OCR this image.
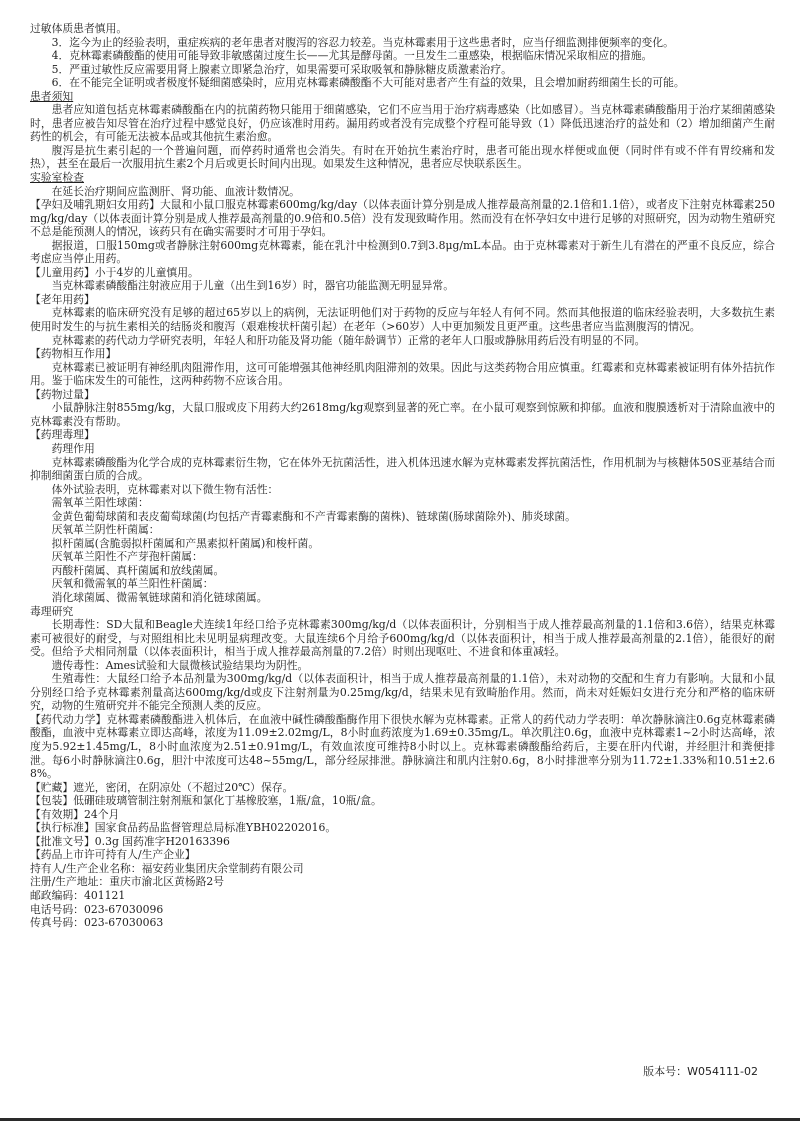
过敏体质患者慎用。

3．迄今为止的经验表明，重症疾病的老年患者对腹泻的容忍力较差。当克林霉素用于这些患者时，应当仔细监测排便频率的变化。

4．克林霉素磷酸酯的使用可能导致非敏感菌过度生长——尤其是酵母菌。一旦发生二重感染，根据临床情况采取相应的措施。

5．严重过敏性反应需要用肾上腺素立即紧急治疗，如果需要可采取吸氧和静脉糖皮质激素治疗。

6．在不能完全证明或者极度怀疑细菌感染时，应用克林霉素磷酸酯不大可能对患者产生有益的效果，且会增加耐药细菌生长的可能。

患者须知

患者应知道包括克林霉素磷酸酯在内的抗菌药物只能用于细菌感染，它们不应当用于治疗病毒感染（比如感冒）。当克林霉素磷酸酯用于治疗某细菌感染时，患者应被告知尽管在治疗过程中感觉良好，仍应该准时用药。漏用药或者没有完成整个疗程可能导致（1）降低迅速治疗的益处和（2）增加细菌产生耐药性的机会，有可能无法被本品或其他抗生素治愈。

腹泻是抗生素引起的一个普遍问题，而停药时通常也会消失。有时在开始抗生素治疗时，患者可能出现水样便或血便（同时伴有或不伴有胃绞痛和发热），甚至在最后一次服用抗生素2个月后或更长时间内出现。如果发生这种情况，患者应尽快联系医生。

实验室检查

在延长治疗期间应监测肝、肾功能、血液计数情况。

【孕妇及哺乳期妇女用药】大鼠和小鼠口服克林霉素600mg/kg/day（以体表面计算分别是成人推荐最高剂量的2.1倍和1.1倍），或者皮下注射克林霉素250mg/kg/day（以体表面计算分别是成人推荐最高剂量的0.9倍和0.5倍）没有发现致畸作用。然而没有在怀孕妇女中进行足够的对照研究，因为动物生殖研究不总是能预测人的情况，该药只有在确实需要时才可用于孕妇。

据报道，口服150mg或者静脉注射600mg克林霉素，能在乳汁中检测到0.7到3.8μg/mL本品。由于克林霉素对于新生儿有潜在的严重不良反应，综合考虑应当停止用药。

【儿童用药】小于4岁的儿童慎用。

当克林霉素磷酸酯注射液应用于儿童（出生到16岁）时，器官功能监测无明显异常。

【老年用药】

克林霉素的临床研究没有足够的超过65岁以上的病例，无法证明他们对于药物的反应与年轻人有何不同。然而其他报道的临床经验表明，大多数抗生素使用时发生的与抗生素相关的结肠炎和腹泻（艰难梭状杆菌引起）在老年（>60岁）人中更加频发且更严重。这些患者应当监测腹泻的情况。

克林霉素的药代动力学研究表明，年轻人和肝功能及肾功能（随年龄调节）正常的老年人口服或静脉用药后没有明显的不同。

【药物相互作用】

克林霉素已被证明有神经肌肉阻滞作用，这可可能增强其他神经肌肉阻滞剂的效果。因此与这类药物合用应慎重。红霉素和克林霉素被证明有体外拮抗作用。鉴于临床发生的可能性，这两种药物不应该合用。

【药物过量】

小鼠静脉注射855mg/kg，大鼠口服或皮下用药大约2618mg/kg观察到显著的死亡率。在小鼠可观察到惊厥和抑郁。血液和腹膜透析对于清除血液中的克林霉素没有帮助。

【药理毒理】

药理作用

克林霉素磷酸酯为化学合成的克林霉素衍生物，它在体外无抗菌活性，进入机体迅速水解为克林霉素发挥抗菌活性，作用机制为与核糖体50S亚基结合而抑制细菌蛋白质的合成。

体外试验表明，克林霉素对以下微生物有活性：

需氧革兰阳性球菌：

金黄色葡萄球菌和表皮葡萄球菌(均包括产青霉素酶和不产青霉素酶的菌株)、链球菌(肠球菌除外)、肺炎球菌。

厌氧革兰阴性杆菌属：

拟杆菌属(含脆弱拟杆菌属和产黑素拟杆菌属)和梭杆菌。

厌氧革兰阳性不产芽孢杆菌属：

丙酸杆菌属、真杆菌属和放线菌属。

厌氧和微需氧的革兰阳性杆菌属：

消化球菌属、微需氧链球菌和消化链球菌属。

毒理研究

长期毒性：SD大鼠和Beagle犬连续1年经口给予克林霉素300mg/kg/d（以体表面积计，分别相当于成人推荐最高剂量的1.1倍和3.6倍），结果克林霉素可被很好的耐受，与对照组相比未见明显病理改变。大鼠连续6个月给予600mg/kg/d（以体表面积计，相当于成人推荐最高剂量的2.1倍），能很好的耐受。但给予犬相同剂量（以体表面积计，相当于成人推荐最高剂量的7.2倍）时则出现呕吐、不进食和体重减轻。

遗传毒性：Ames试验和大鼠微核试验结果均为阴性。

生殖毒性：大鼠经口给予本品剂量为300mg/kg/d（以体表面积计，相当于成人推荐最高剂量的1.1倍），未对动物的交配和生育力有影响。大鼠和小鼠分别经口给予克林霉素剂量高达600mg/kg/d或皮下注射剂量为0.25mg/kg/d，结果未见有致畸胎作用。然而，尚未对妊娠妇女进行充分和严格的临床研究，动物的生殖研究并不能完全预测人类的反应。

【药代动力学】克林霉素磷酸酯进入机体后，在血液中碱性磷酸酯酶作用下很快水解为克林霉素。正常人的药代动力学表明：单次静脉滴注0.6g克林霉素磷酸酯，血液中克林霉素立即达高峰，浓度为11.09±2.02mg/L，8小时血药浓度为1.69±0.35mg/L。单次肌注0.6g，血液中克林霉素1~2小时达高峰，浓度为5.92±1.45mg/L，8小时血浓度为2.51±0.91mg/L，有效血浓度可维持8小时以上。克林霉素磷酸酯给药后，主要在肝内代谢，并经胆汁和粪便排泄。每6小时静脉滴注0.6g，胆汁中浓度可达48~55mg/L，部分经尿排泄。静脉滴注和肌内注射0.6g，8小时排泄率分别为11.72±1.33%和10.51±2.68%。

【贮藏】遮光，密闭，在阴凉处（不超过20℃）保存。

【包装】低硼硅玻璃管制注射剂瓶和氯化丁基橡胶塞，1瓶/盒，10瓶/盒。

【有效期】24个月

【执行标准】国家食品药品监督管理总局标准YBH02202016。

【批准文号】0.3g 国药准字H20163396

【药品上市许可持有人/生产企业】

持有人/生产企业名称：福安药业集团庆余堂制药有限公司

注册/生产地址：重庆市渝北区黄杨路2号

邮政编码：401121

电话号码：023-67030096

传真号码：023-67030063

版本号：W054111-02
